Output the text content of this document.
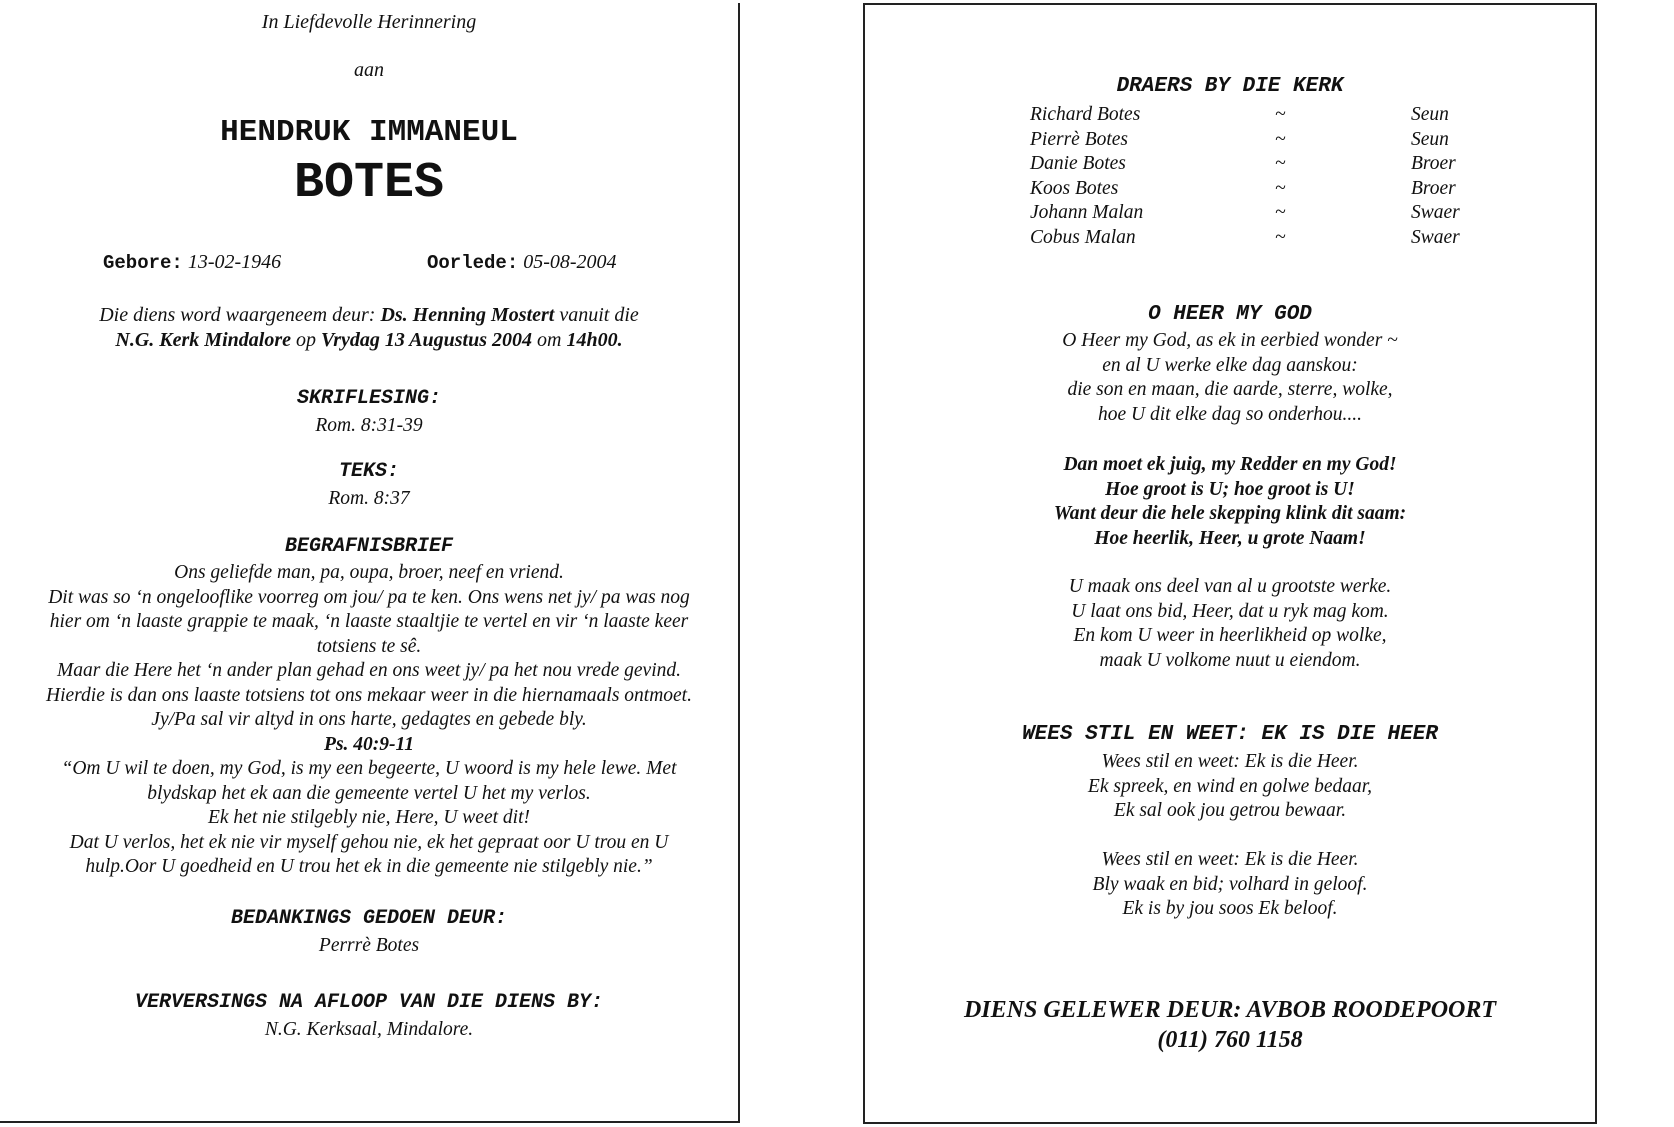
In Liefdevolle Herinnering
aan
HENDRUK IMMANEUL
BOTES
Gebore: 13-02-1946	Oorlede: 05-08-2004
Die diens word waargeneem deur: Ds. Henning Mostert vanuit die
N.G. Kerk Mindalore op Vrydag 13 Augustus 2004 om 14h00.
SKRIFLESING:
Rom. 8:31-39
TEKS:
Rom. 8:37
BEGRAFNISBRIEF
Ons geliefde man, pa, oupa, broer, neef en vriend.
Dit was so ‘n ongelooflike voorreg om jou/ pa te ken. Ons wens net jy/ pa was nog
hier om ‘n laaste grappie te maak, ‘n laaste staaltjie te vertel en vir ‘n laaste keer
totsiens te sê.
Maar die Here het ‘n ander plan gehad en ons weet jy/ pa het nou vrede gevind.
Hierdie is dan ons laaste totsiens tot ons mekaar weer in die hiernamaals ontmoet.
Jy/Pa sal vir altyd in ons harte, gedagtes en gebede bly.
Ps. 40:9-11
“Om U wil te doen, my God, is my een begeerte, U woord is my hele lewe. Met
blydskap het ek aan die gemeente vertel U het my verlos.
Ek het nie stilgebly nie, Here, U weet dit!
Dat U verlos, het ek nie vir myself gehou nie, ek het gepraat oor U trou en U
hulp.Oor U goedheid en U trou het ek in die gemeente nie stilgebly nie.”
BEDANKINGS GEDOEN DEUR:
Perrrè Botes
VERVERSINGS NA AFLOOP VAN DIE DIENS BY:
N.G. Kerksaal, Mindalore.
DRAERS BY DIE KERK
Richard Botes	~	Seun
Pierrè Botes	~	Seun
Danie Botes	~	Broer
Koos Botes	~	Broer
Johann Malan	~	Swaer
Cobus Malan	~	Swaer
O HEER MY GOD
O Heer my God, as ek in eerbied wonder ~
en al U werke elke dag aanskou:
die son en maan, die aarde, sterre, wolke,
hoe U dit elke dag so onderhou....
Dan moet ek juig, my Redder en my God!
Hoe groot is U; hoe groot is U!
Want deur die hele skepping klink dit saam:
Hoe heerlik, Heer, u grote Naam!
U maak ons deel van al u grootste werke.
U laat ons bid, Heer, dat u ryk mag kom.
En kom U weer in heerlikheid op wolke,
maak U volkome nuut u eiendom.
WEES STIL EN WEET: EK IS DIE HEER
Wees stil en weet: Ek is die Heer.
Ek spreek, en wind en golwe bedaar,
Ek sal ook jou getrou bewaar.
Wees stil en weet: Ek is die Heer.
Bly waak en bid; volhard in geloof.
Ek is by jou soos Ek beloof.
DIENS GELEWER DEUR: AVBOB ROODEPOORT
(011) 760 1158
